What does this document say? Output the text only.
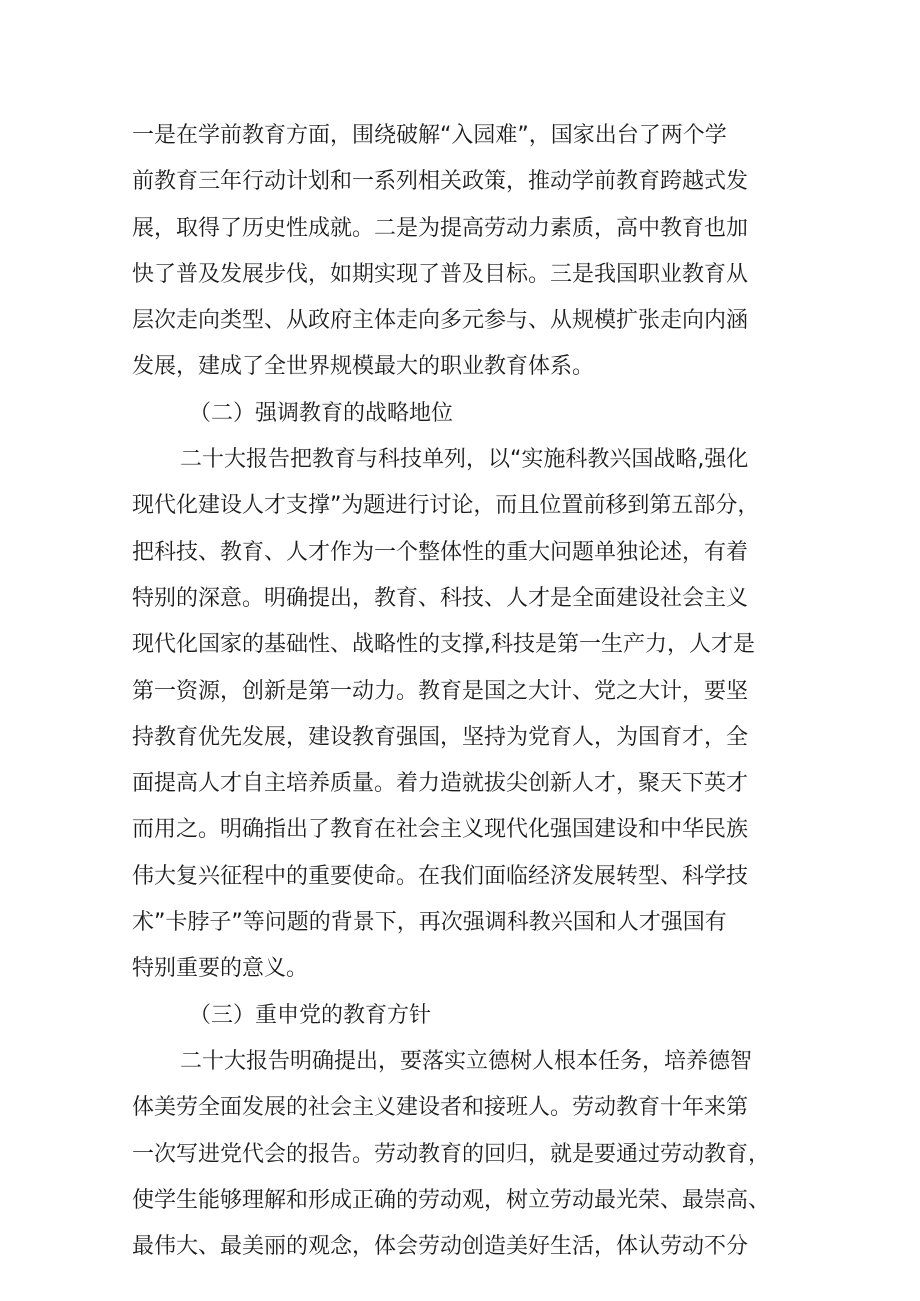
一是在学前教育方面，围绕破解“入园难”，国家出台了两个学
前教育三年行动计划和一系列相关政策，推动学前教育跨越式发
展，取得了历史性成就。二是为提高劳动力素质，高中教育也加
快了普及发展步伐，如期实现了普及目标。三是我国职业教育从
层次走向类型、从政府主体走向多元参与、从规模扩张走向内涵
发展，建成了全世界规模最大的职业教育体系。
（二）强调教育的战略地位
二十大报告把教育与科技单列，以“实施科教兴国战略,强化
现代化建设人才支撑”为题进行讨论，而且位置前移到第五部分，
把科技、教育、人才作为一个整体性的重大问题单独论述，有着
特别的深意。明确提出，教育、科技、人才是全面建设社会主义
现代化国家的基础性、战略性的支撑,科技是第一生产力，人才是
第一资源，创新是第一动力。教育是国之大计、党之大计，要坚
持教育优先发展，建设教育强国，坚持为党育人，为国育才，全
面提高人才自主培养质量。着力造就拔尖创新人才，聚天下英才
而用之。明确指出了教育在社会主义现代化强国建设和中华民族
伟大复兴征程中的重要使命。在我们面临经济发展转型、科学技
术”卡脖子”等问题的背景下，再次强调科教兴国和人才强国有
特别重要的意义。
（三）重申党的教育方针
二十大报告明确提出，要落实立德树人根本任务，培养德智
体美劳全面发展的社会主义建设者和接班人。劳动教育十年来第
一次写进党代会的报告。劳动教育的回归，就是要通过劳动教育，
使学生能够理解和形成正确的劳动观，树立劳动最光荣、最崇高、
最伟大、最美丽的观念，体会劳动创造美好生活，体认劳动不分
